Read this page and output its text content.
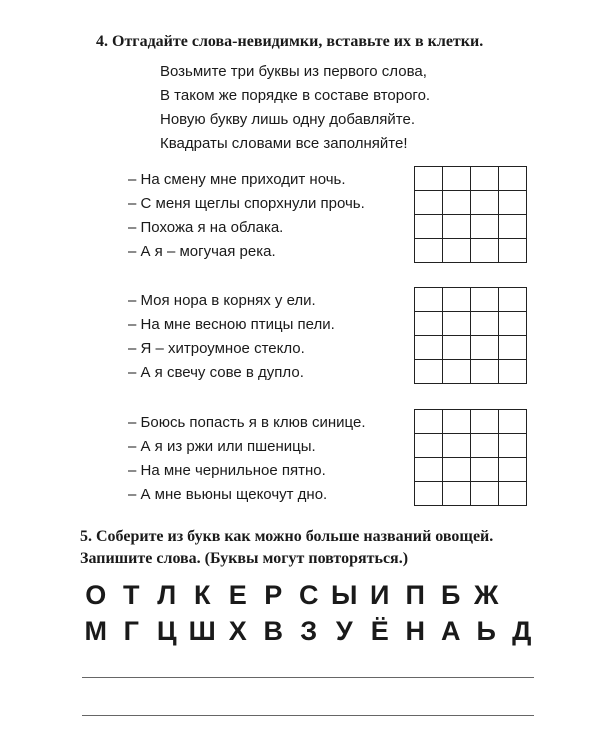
4. Отгадайте слова-невидимки, вставьте их в клетки.
Возьмите три буквы из первого слова,
В таком же порядке в составе второго.
Новую букву лишь одну добавляйте.
Квадраты словами все заполняйте!
– На смену мне приходит ночь.
– С меня щеглы спорхнули прочь.
– Похожа я на облака.
– А я – могучая река.
– Моя нора в корнях у ели.
– На мне весною птицы пели.
– Я – хитроумное стекло.
– А я свечу сове в дупло.
– Боюсь попасть я в клюв синице.
– А я из ржи или пшеницы.
– На мне чернильное пятно.
– А мне вьюны щекочут дно.
5. Соберите из букв как можно больше названий овощей.
Запишите слова. (Буквы могут повторяться.)
О Т Л К Е Р С Ы И П Б Ж
М Г Ц Ш Х В З У Ё Н А Ь Д
